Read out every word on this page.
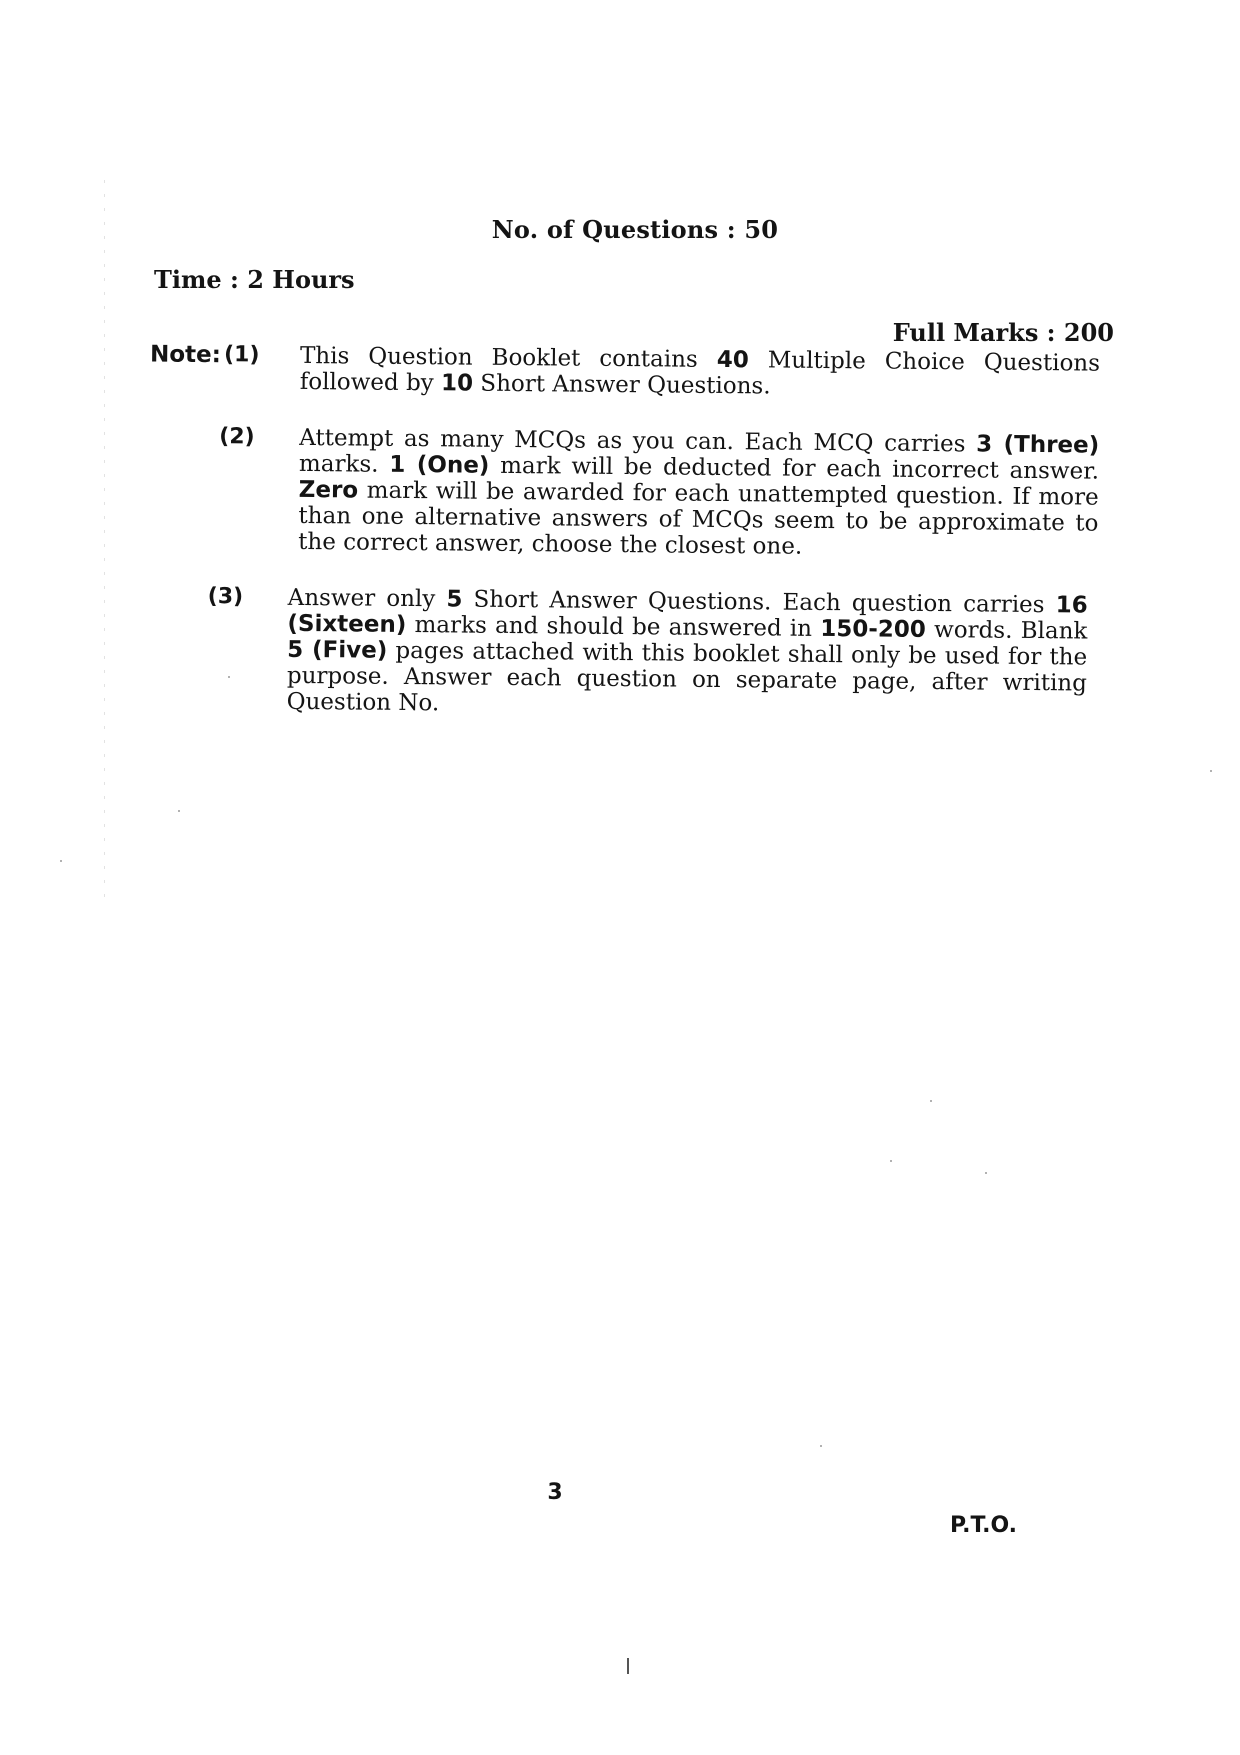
No. of Questions : 50
Time : 2 Hours
Full Marks : 200
Note: (1) This Question Booklet contains 40 Multiple Choice Questions followed by 10 Short Answer Questions.
(2) Attempt as many MCQs as you can. Each MCQ carries 3 (Three) marks. 1 (One) mark will be deducted for each incorrect answer. Zero mark will be awarded for each unattempted question. If more than one alternative answers of MCQs seem to be approximate to the correct answer, choose the closest one.
(3) Answer only 5 Short Answer Questions. Each question carries 16 (Sixteen) marks and should be answered in 150-200 words. Blank 5 (Five) pages attached with this booklet shall only be used for the purpose. Answer each question on separate page, after writing Question No.
3
P.T.O.
